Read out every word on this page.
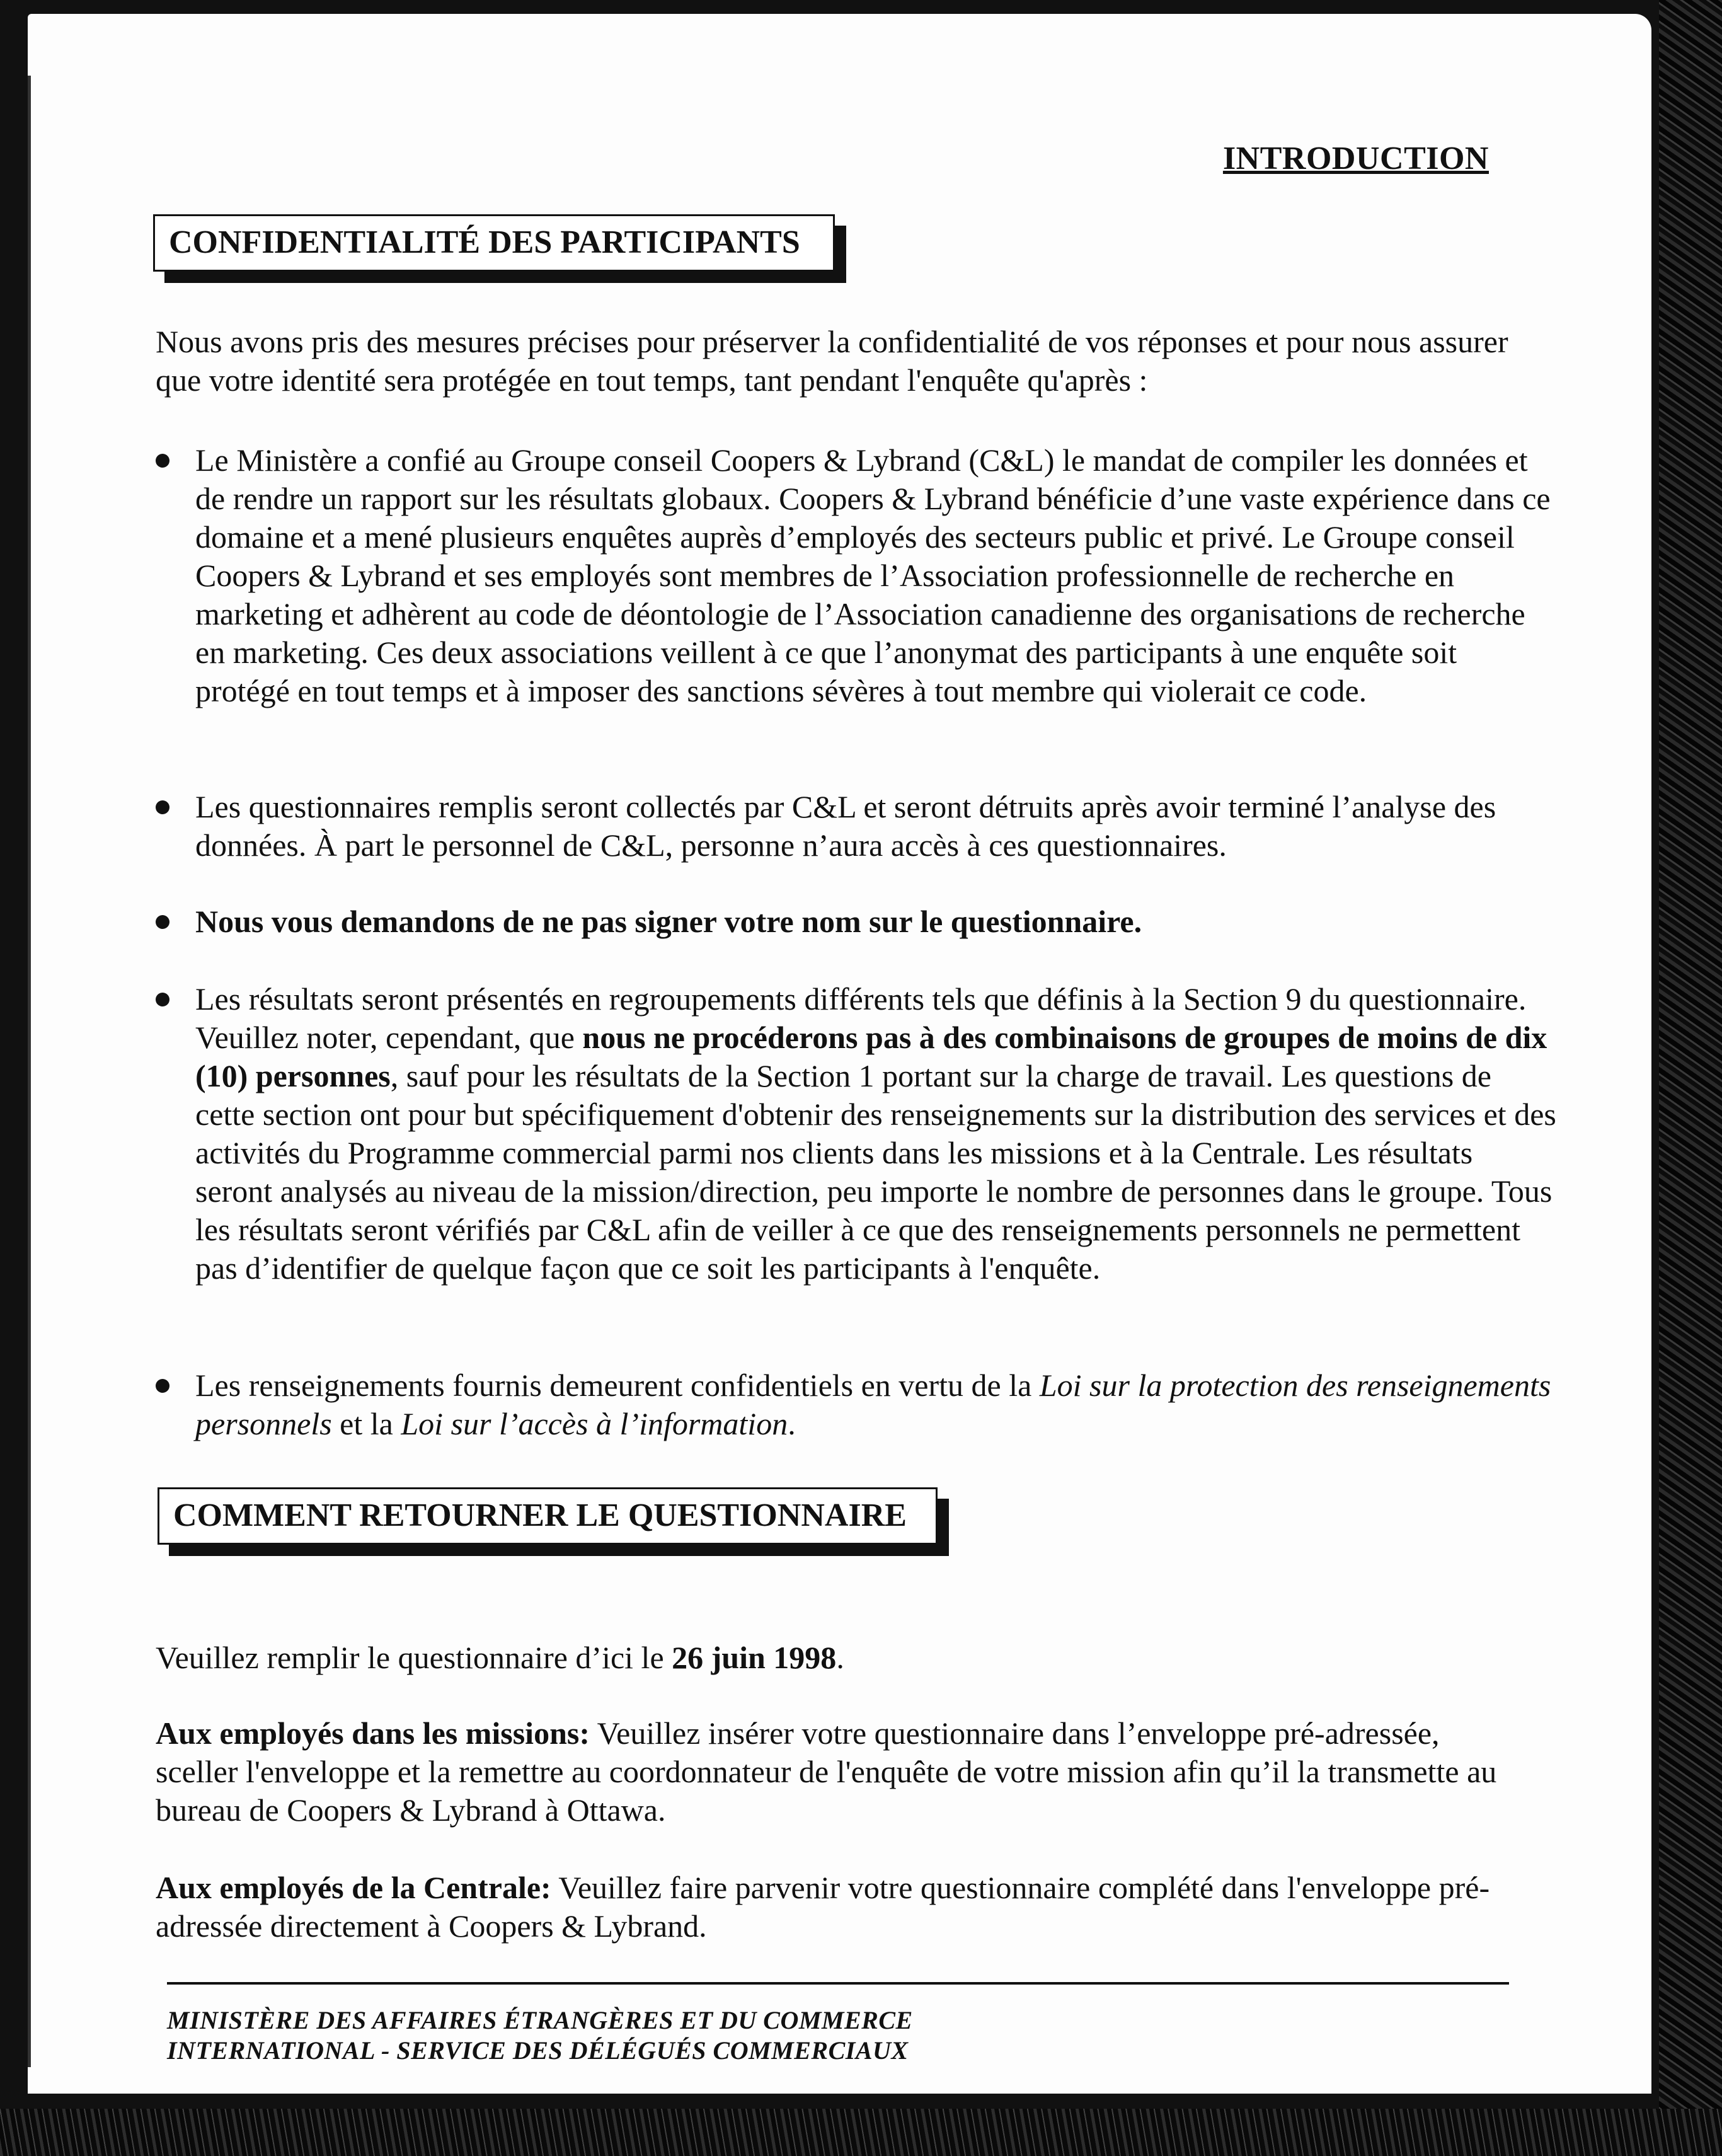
INTRODUCTION
CONFIDENTIALITÉ DES PARTICIPANTS
Nous avons pris des mesures précises pour préserver la confidentialité de vos réponses et pour nous assurer que votre identité sera protégée en tout temps, tant pendant l'enquête qu'après :
Le Ministère a confié au Groupe conseil Coopers & Lybrand (C&L) le mandat de compiler les données et de rendre un rapport sur les résultats globaux. Coopers & Lybrand bénéficie d’une vaste expérience dans ce domaine et a mené plusieurs enquêtes auprès d’employés des secteurs public et privé. Le Groupe conseil Coopers & Lybrand et ses employés sont membres de l’Association professionnelle de recherche en marketing et adhèrent au code de déontologie de l’Association canadienne des organisations de recherche en marketing. Ces deux associations veillent à ce que l’anonymat des participants à une enquête soit protégé en tout temps et à imposer des sanctions sévères à tout membre qui violerait ce code.
Les questionnaires remplis seront collectés par C&L et seront détruits après avoir terminé l’analyse des données. À part le personnel de C&L, personne n’aura accès à ces questionnaires.
Nous vous demandons de ne pas signer votre nom sur le questionnaire.
Les résultats seront présentés en regroupements différents tels que définis à la Section 9 du questionnaire. Veuillez noter, cependant, que nous ne procéderons pas à des combinaisons de groupes de moins de dix (10) personnes, sauf pour les résultats de la Section 1 portant sur la charge de travail. Les questions de cette section ont pour but spécifiquement d'obtenir des renseignements sur la distribution des services et des activités du Programme commercial parmi nos clients dans les missions et à la Centrale. Les résultats seront analysés au niveau de la mission/direction, peu importe le nombre de personnes dans le groupe. Tous les résultats seront vérifiés par C&L afin de veiller à ce que des renseignements personnels ne permettent pas d’identifier de quelque façon que ce soit les participants à l'enquête.
Les renseignements fournis demeurent confidentiels en vertu de la Loi sur la protection des renseignements personnels et la Loi sur l’accès à l’information.
COMMENT RETOURNER LE QUESTIONNAIRE
Veuillez remplir le questionnaire d’ici le 26 juin 1998.
Aux employés dans les missions: Veuillez insérer votre questionnaire dans l’enveloppe pré-adressée, sceller l'enveloppe et la remettre au coordonnateur de l'enquête de votre mission afin qu’il la transmette au bureau de Coopers & Lybrand à Ottawa.
Aux employés de la Centrale: Veuillez faire parvenir votre questionnaire complété dans l'enveloppe pré-adressée directement à Coopers & Lybrand.
MINISTÈRE DES AFFAIRES ÉTRANGÈRES ET DU COMMERCE
INTERNATIONAL - SERVICE DES DÉLÉGUÉS COMMERCIAUX
